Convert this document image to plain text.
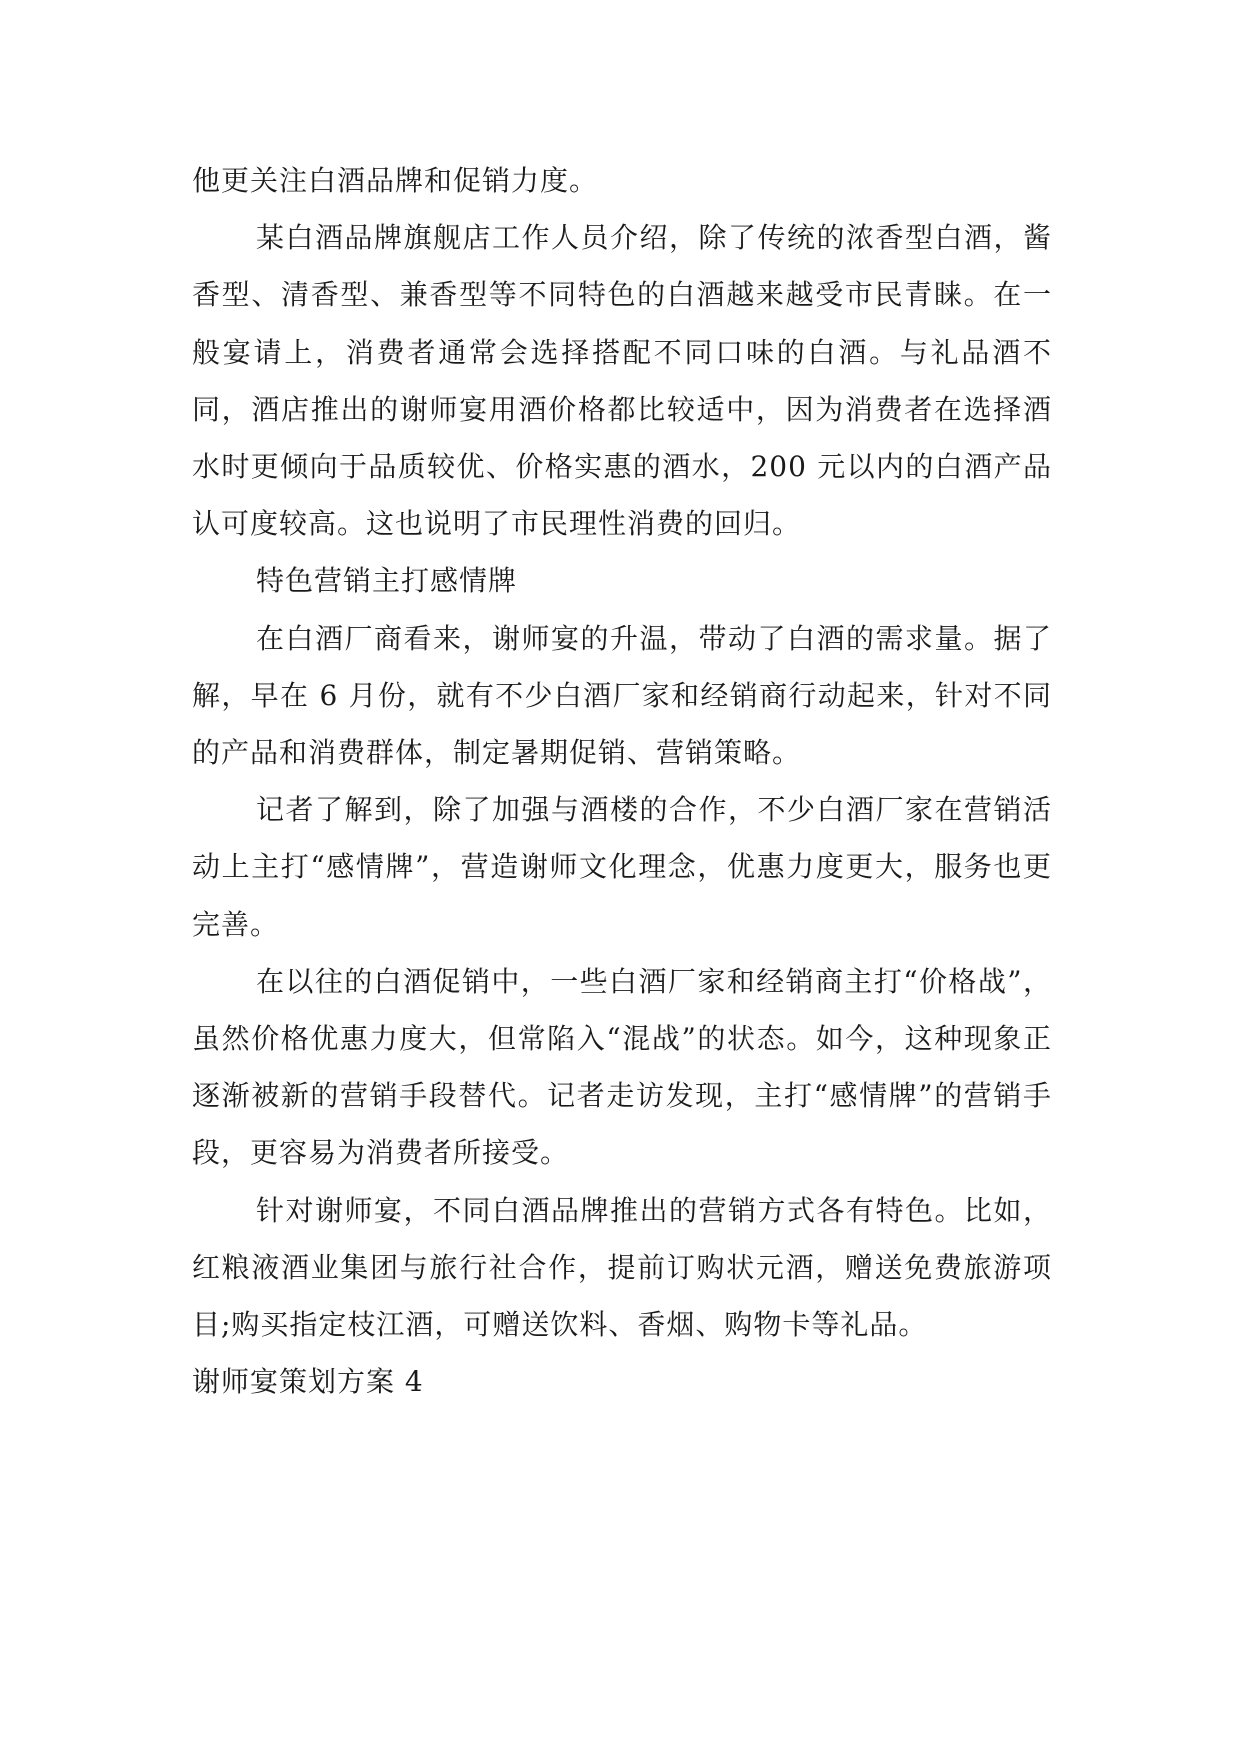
他更关注白酒品牌和促销力度。

某白酒品牌旗舰店工作人员介绍，除了传统的浓香型白酒，酱香型、清香型、兼香型等不同特色的白酒越来越受市民青睐。在一般宴请上，消费者通常会选择搭配不同口味的白酒。与礼品酒不同，酒店推出的谢师宴用酒价格都比较适中，因为消费者在选择酒水时更倾向于品质较优、价格实惠的酒水，200 元以内的白酒产品认可度较高。这也说明了市民理性消费的回归。

特色营销主打感情牌

在白酒厂商看来，谢师宴的升温，带动了白酒的需求量。据了解，早在 6 月份，就有不少白酒厂家和经销商行动起来，针对不同的产品和消费群体，制定暑期促销、营销策略。

记者了解到，除了加强与酒楼的合作，不少白酒厂家在营销活动上主打“感情牌”，营造谢师文化理念，优惠力度更大，服务也更完善。

在以往的白酒促销中，一些白酒厂家和经销商主打“价格战”，虽然价格优惠力度大，但常陷入“混战”的状态。如今，这种现象正逐渐被新的营销手段替代。记者走访发现，主打“感情牌”的营销手段，更容易为消费者所接受。

针对谢师宴，不同白酒品牌推出的营销方式各有特色。比如，红粮液酒业集团与旅行社合作，提前订购状元酒，赠送免费旅游项目;购买指定枝江酒，可赠送饮料、香烟、购物卡等礼品。

谢师宴策划方案 4
